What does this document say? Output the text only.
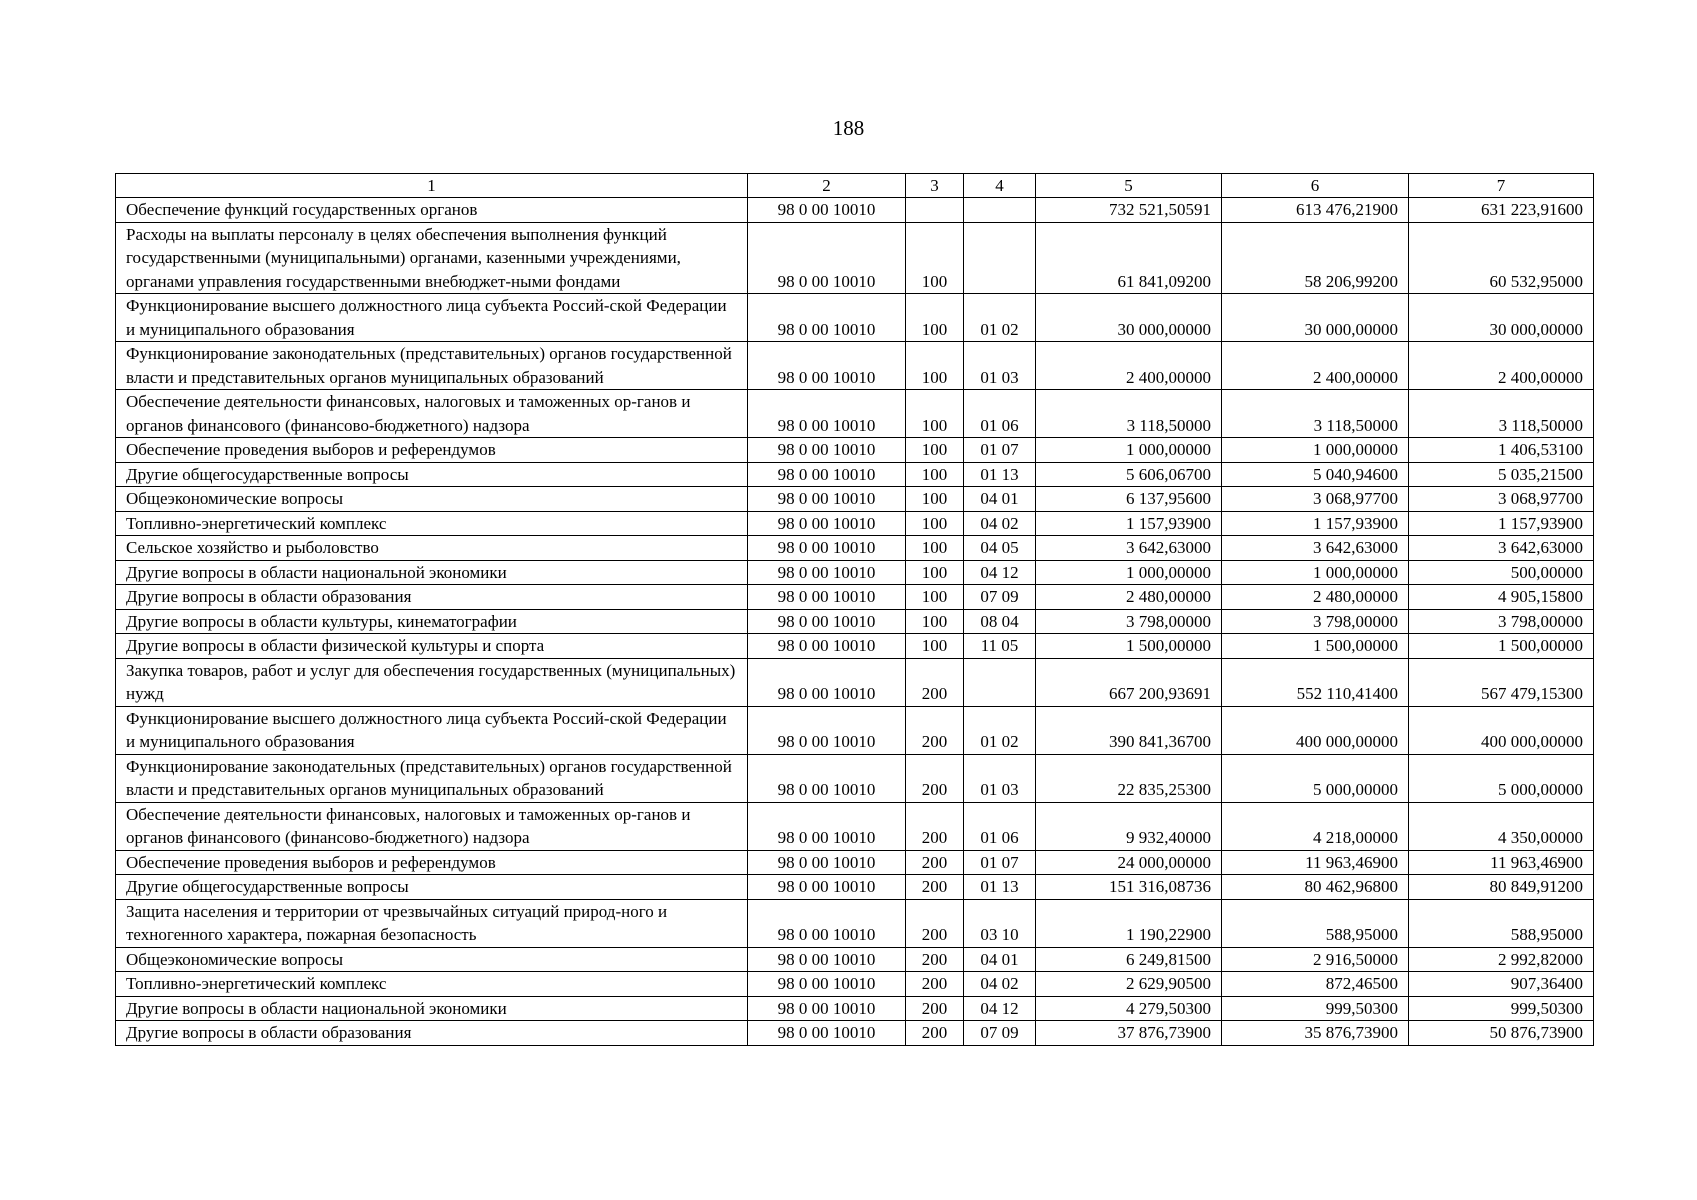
188
1	2	3	4	5	6	7
Обеспечение функций государственных органов	98 0 00 10010			732 521,50591	613 476,21900	631 223,91600
Расходы на выплаты персоналу в целях обеспечения выполнения функций государственными (муниципальными) органами, казенными учреждениями, органами управления государственными внебюджет-ными фондами	98 0 00 10010	100		61 841,09200	58 206,99200	60 532,95000
Функционирование высшего должностного лица субъекта Россий-ской Федерации и муниципального образования	98 0 00 10010	100	01 02	30 000,00000	30 000,00000	30 000,00000
Функционирование законодательных (представительных) органов государственной власти и представительных органов муниципальных образований	98 0 00 10010	100	01 03	2 400,00000	2 400,00000	2 400,00000
Обеспечение деятельности финансовых, налоговых и таможенных ор-ганов и органов финансового (финансово-бюджетного) надзора	98 0 00 10010	100	01 06	3 118,50000	3 118,50000	3 118,50000
Обеспечение проведения выборов и референдумов	98 0 00 10010	100	01 07	1 000,00000	1 000,00000	1 406,53100
Другие общегосударственные вопросы	98 0 00 10010	100	01 13	5 606,06700	5 040,94600	5 035,21500
Общеэкономические вопросы	98 0 00 10010	100	04 01	6 137,95600	3 068,97700	3 068,97700
Топливно-энергетический комплекс	98 0 00 10010	100	04 02	1 157,93900	1 157,93900	1 157,93900
Сельское хозяйство и рыболовство	98 0 00 10010	100	04 05	3 642,63000	3 642,63000	3 642,63000
Другие вопросы в области национальной экономики	98 0 00 10010	100	04 12	1 000,00000	1 000,00000	500,00000
Другие вопросы в области образования	98 0 00 10010	100	07 09	2 480,00000	2 480,00000	4 905,15800
Другие вопросы в области культуры, кинематографии	98 0 00 10010	100	08 04	3 798,00000	3 798,00000	3 798,00000
Другие вопросы в области физической культуры и спорта	98 0 00 10010	100	11 05	1 500,00000	1 500,00000	1 500,00000
Закупка товаров, работ и услуг для обеспечения государственных (муниципальных) нужд	98 0 00 10010	200		667 200,93691	552 110,41400	567 479,15300
Функционирование высшего должностного лица субъекта Россий-ской Федерации и муниципального образования	98 0 00 10010	200	01 02	390 841,36700	400 000,00000	400 000,00000
Функционирование законодательных (представительных) органов государственной власти и представительных органов муниципальных образований	98 0 00 10010	200	01 03	22 835,25300	5 000,00000	5 000,00000
Обеспечение деятельности финансовых, налоговых и таможенных ор-ганов и органов финансового (финансово-бюджетного) надзора	98 0 00 10010	200	01 06	9 932,40000	4 218,00000	4 350,00000
Обеспечение проведения выборов и референдумов	98 0 00 10010	200	01 07	24 000,00000	11 963,46900	11 963,46900
Другие общегосударственные вопросы	98 0 00 10010	200	01 13	151 316,08736	80 462,96800	80 849,91200
Защита населения и территории от чрезвычайных ситуаций природ-ного и техногенного характера, пожарная безопасность	98 0 00 10010	200	03 10	1 190,22900	588,95000	588,95000
Общеэкономические вопросы	98 0 00 10010	200	04 01	6 249,81500	2 916,50000	2 992,82000
Топливно-энергетический комплекс	98 0 00 10010	200	04 02	2 629,90500	872,46500	907,36400
Другие вопросы в области национальной экономики	98 0 00 10010	200	04 12	4 279,50300	999,50300	999,50300
Другие вопросы в области образования	98 0 00 10010	200	07 09	37 876,73900	35 876,73900	50 876,73900
